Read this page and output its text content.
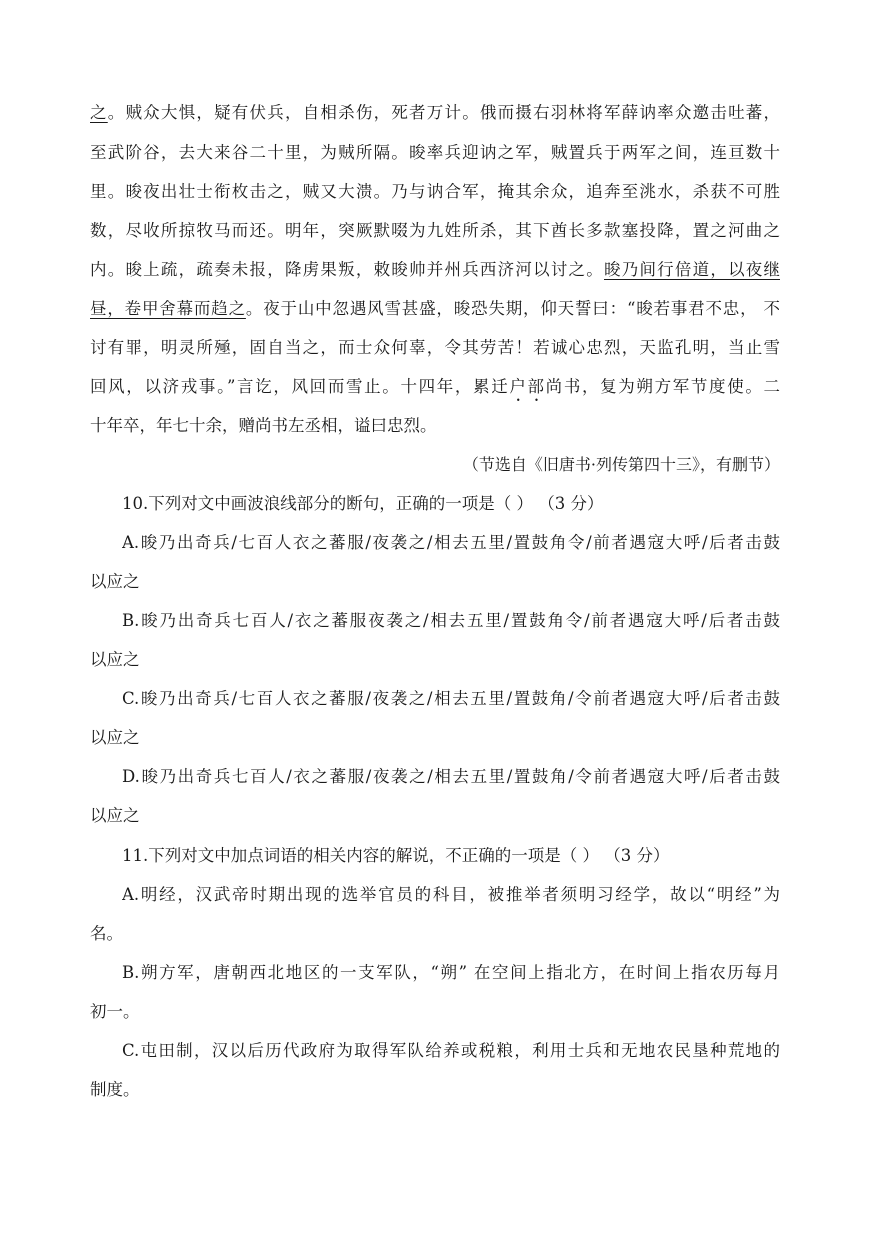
之。贼众大惧，疑有伏兵，自相杀伤，死者万计。俄而摄右羽林将军薛讷率众邀击吐蕃，
至武阶谷，去大来谷二十里，为贼所隔。晙率兵迎讷之军，贼置兵于两军之间，连亘数十
里。晙夜出壮士衔枚击之，贼又大溃。乃与讷合军，掩其余众，追奔至洮水，杀获不可胜
数，尽收所掠牧马而还。明年，突厥默啜为九姓所杀，其下酋长多款塞投降，置之河曲之
内。晙上疏，疏奏未报，降虏果叛，敕晙帅并州兵西济河以讨之。晙乃间行倍道，以夜继
昼，卷甲舍幕而趋之。夜于山中忽遇风雪甚盛，晙恐失期，仰天誓曰：“晙若事君不忠， 不
讨有罪，明灵所殛，固自当之，而士众何辜，令其劳苦！若诚心忠烈，天监孔明，当止雪
回风，以济戎事。”言讫，风回而雪止。十四年，累迁户部尚书，复为朔方军节度使。二
十年卒，年七十余，赠尚书左丞相，谥曰忠烈。
（节选自《旧唐书·列传第四十三》，有删节）
10.下列对文中画波浪线部分的断句，正确的一项是（ ） （3 分）
A.晙乃出奇兵/七百人衣之蕃服/夜袭之/相去五里/置鼓角令/前者遇寇大呼/后者击鼓
以应之
B.晙乃出奇兵七百人/衣之蕃服夜袭之/相去五里/置鼓角令/前者遇寇大呼/后者击鼓
以应之
C.晙乃出奇兵/七百人衣之蕃服/夜袭之/相去五里/置鼓角/令前者遇寇大呼/后者击鼓
以应之
D.晙乃出奇兵七百人/衣之蕃服/夜袭之/相去五里/置鼓角/令前者遇寇大呼/后者击鼓
以应之
11.下列对文中加点词语的相关内容的解说，不正确的一项是（ ） （3 分）
A.明经，汉武帝时期出现的选举官员的科目，被推举者须明习经学，故以“明经”为
名。
B.朔方军，唐朝西北地区的一支军队，“朔” 在空间上指北方，在时间上指农历每月
初一。
C.屯田制，汉以后历代政府为取得军队给养或税粮，利用士兵和无地农民垦种荒地的
制度。
